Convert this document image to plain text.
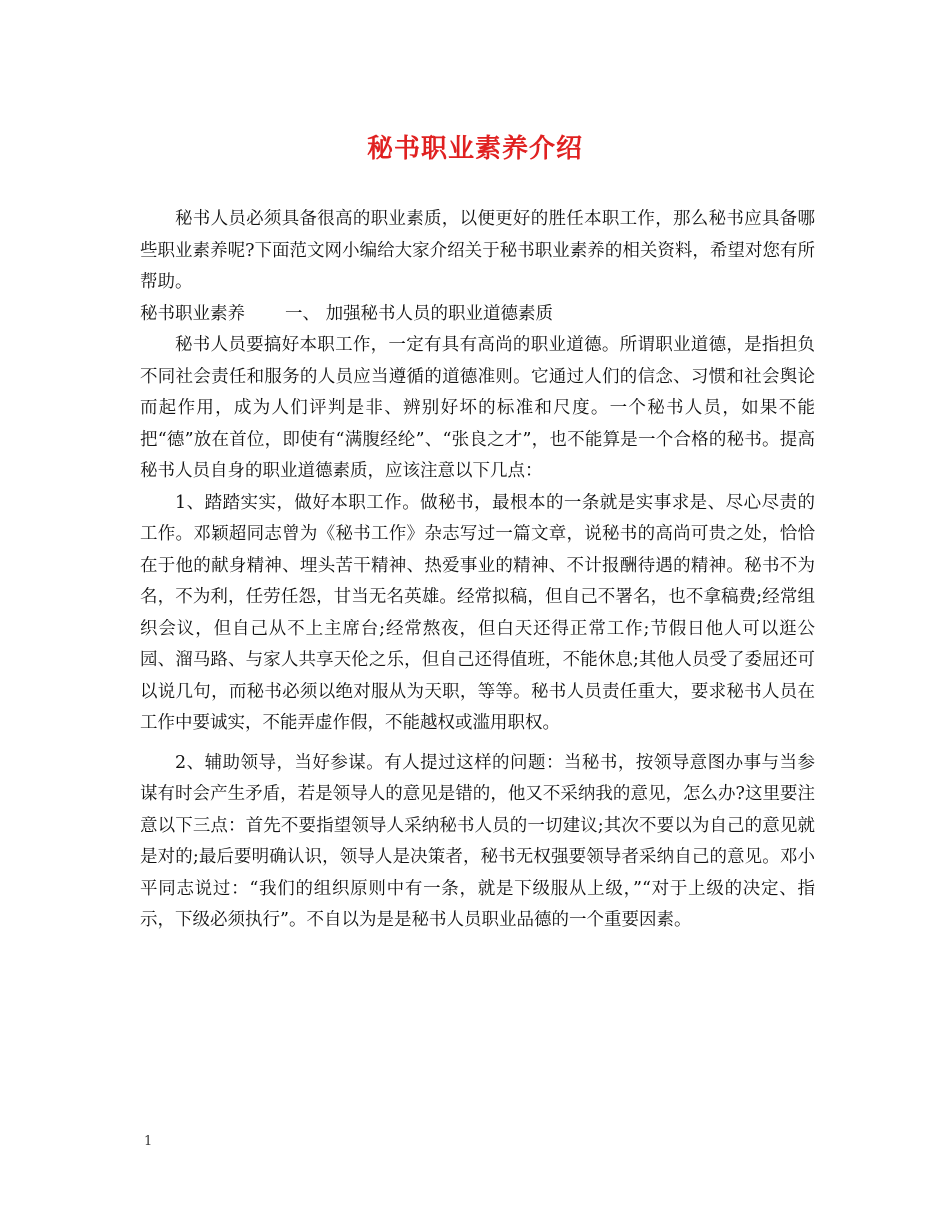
秘书职业素养介绍

秘书人员必须具备很高的职业素质，以便更好的胜任本职工作，那么秘书应具备哪些职业素养呢?下面范文网小编给大家介绍关于秘书职业素养的相关资料，希望对您有所帮助。

秘书职业素养 一、 加强秘书人员的职业道德素质

秘书人员要搞好本职工作，一定有具有高尚的职业道德。所谓职业道德，是指担负不同社会责任和服务的人员应当遵循的道德准则。它通过人们的信念、习惯和社会舆论而起作用，成为人们评判是非、辨别好坏的标准和尺度。一个秘书人员，如果不能把“德”放在首位，即使有“满腹经纶”、“张良之才”，也不能算是一个合格的秘书。提高秘书人员自身的职业道德素质，应该注意以下几点：

1、踏踏实实，做好本职工作。做秘书，最根本的一条就是实事求是、尽心尽责的工作。邓颖超同志曾为《秘书工作》杂志写过一篇文章，说秘书的高尚可贵之处，恰恰在于他的献身精神、埋头苦干精神、热爱事业的精神、不计报酬待遇的精神。秘书不为名，不为利，任劳任怨，甘当无名英雄。经常拟稿，但自己不署名，也不拿稿费;经常组织会议，但自己从不上主席台;经常熬夜，但白天还得正常工作;节假日他人可以逛公园、溜马路、与家人共享天伦之乐，但自己还得值班，不能休息;其他人员受了委屈还可以说几句，而秘书必须以绝对服从为天职，等等。秘书人员责任重大，要求秘书人员在工作中要诚实，不能弄虚作假，不能越权或滥用职权。

2、辅助领导，当好参谋。有人提过这样的问题：当秘书，按领导意图办事与当参谋有时会产生矛盾，若是领导人的意见是错的，他又不采纳我的意见，怎么办?这里要注意以下三点：首先不要指望领导人采纳秘书人员的一切建议;其次不要以为自己的意见就是对的;最后要明确认识，领导人是决策者，秘书无权强要领导者采纳自己的意见。邓小平同志说过：“我们的组织原则中有一条，就是下级服从上级，”“对于上级的决定、指示，下级必须执行”。不自以为是是秘书人员职业品德的一个重要因素。

1
